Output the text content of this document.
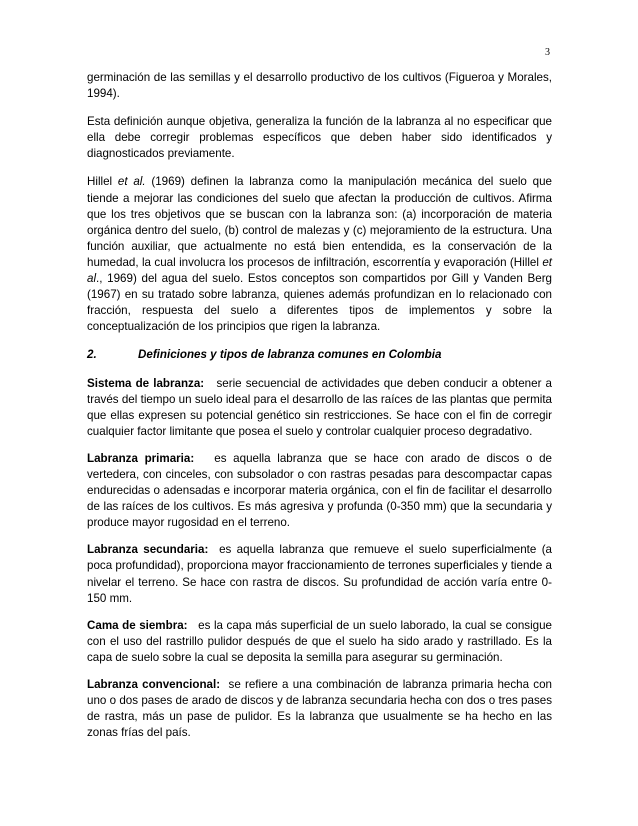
3

germinación de las semillas y el desarrollo productivo de los cultivos (Figueroa y Morales, 1994).

Esta definición aunque objetiva, generaliza la función de la labranza al no especificar que ella debe corregir problemas específicos que deben haber sido identificados y diagnosticados previamente.

Hillel et al. (1969) definen la labranza como la manipulación mecánica del suelo que tiende a mejorar las condiciones del suelo que afectan la producción de cultivos. Afirma que los tres objetivos que se buscan con la labranza son: (a) incorporación de materia orgánica dentro del suelo, (b) control de malezas y (c) mejoramiento de la estructura. Una función auxiliar, que actualmente no está bien entendida, es la conservación de la humedad, la cual involucra los procesos de infiltración, escorrentía y evaporación (Hillel et al., 1969) del agua del suelo. Estos conceptos son compartidos por Gill y Vanden Berg (1967) en su tratado sobre labranza, quienes además profundizan en lo relacionado con fracción, respuesta del suelo a diferentes tipos de implementos y sobre la conceptualización de los principios que rigen la labranza.

2.	Definiciones y tipos de labranza comunes en Colombia

Sistema de labranza: serie secuencial de actividades que deben conducir a obtener a través del tiempo un suelo ideal para el desarrollo de las raíces de las plantas que permita que ellas expresen su potencial genético sin restricciones. Se hace con el fin de corregir cualquier factor limitante que posea el suelo y controlar cualquier proceso degradativo.

Labranza primaria: es aquella labranza que se hace con arado de discos o de vertedera, con cinceles, con subsolador o con rastras pesadas para descompactar capas endurecidas o adensadas e incorporar materia orgánica, con el fin de facilitar el desarrollo de las raíces de los cultivos. Es más agresiva y profunda (0-350 mm) que la secundaria y produce mayor rugosidad en el terreno.

Labranza secundaria: es aquella labranza que remueve el suelo superficialmente (a poca profundidad), proporciona mayor fraccionamiento de terrones superficiales y tiende a nivelar el terreno. Se hace con rastra de discos. Su profundidad de acción varía entre 0-150 mm.

Cama de siembra: es la capa más superficial de un suelo laborado, la cual se consigue con el uso del rastrillo pulidor después de que el suelo ha sido arado y rastrillado. Es la capa de suelo sobre la cual se deposita la semilla para asegurar su germinación.

Labranza convencional: se refiere a una combinación de labranza primaria hecha con uno o dos pases de arado de discos y de labranza secundaria hecha con dos o tres pases de rastra, más un pase de pulidor. Es la labranza que usualmente se ha hecho en las zonas frías del país.
